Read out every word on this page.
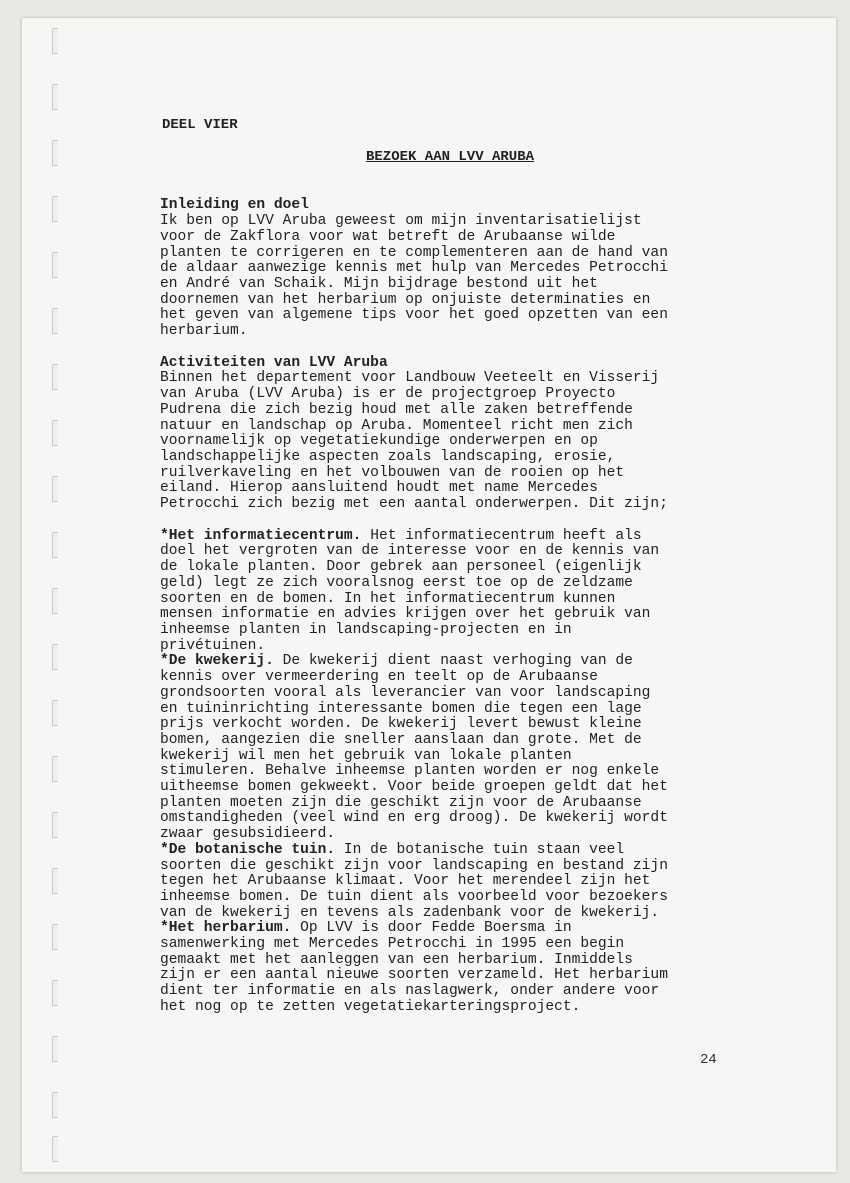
DEEL VIER

BEZOEK AAN LVV ARUBA

Inleiding en doel

Ik ben op LVV Aruba geweest om mijn inventarisatielijst
voor de Zakflora voor wat betreft de Arubaanse wilde
planten te corrigeren en te complementeren aan de hand van
de aldaar aanwezige kennis met hulp van Mercedes Petrocchi
en André van Schaik. Mijn bijdrage bestond uit het
doornemen van het herbarium op onjuiste determinaties en
het geven van algemene tips voor het goed opzetten van een
herbarium.

Activiteiten van LVV Aruba

Binnen het departement voor Landbouw Veeteelt en Visserij
van Aruba (LVV Aruba) is er de projectgroep Proyecto
Pudrena die zich bezig houd met alle zaken betreffende
natuur en landschap op Aruba. Momenteel richt men zich
voornamelijk op vegetatiekundige onderwerpen en op
landschappelijke aspecten zoals landscaping, erosie,
ruilverkaveling en het volbouwen van de rooien op het
eiland. Hierop aansluitend houdt met name Mercedes
Petrocchi zich bezig met een aantal onderwerpen. Dit zijn;

*Het informatiecentrum. Het informatiecentrum heeft als
doel het vergroten van de interesse voor en de kennis van
de lokale planten. Door gebrek aan personeel (eigenlijk
geld) legt ze zich vooralsnog eerst toe op de zeldzame
soorten en de bomen. In het informatiecentrum kunnen
mensen informatie en advies krijgen over het gebruik van
inheemse planten in landscaping-projecten en in
privétuinen.

*De kwekerij. De kwekerij dient naast verhoging van de
kennis over vermeerdering en teelt op de Arubaanse
grondsoorten vooral als leverancier van voor landscaping
en tuininrichting interessante bomen die tegen een lage
prijs verkocht worden. De kwekerij levert bewust kleine
bomen, aangezien die sneller aanslaan dan grote. Met de
kwekerij wil men het gebruik van lokale planten
stimuleren. Behalve inheemse planten worden er nog enkele
uitheemse bomen gekweekt. Voor beide groepen geldt dat het
planten moeten zijn die geschikt zijn voor de Arubaanse
omstandigheden (veel wind en erg droog). De kwekerij wordt
zwaar gesubsidieerd.

*De botanische tuin. In de botanische tuin staan veel
soorten die geschikt zijn voor landscaping en bestand zijn
tegen het Arubaanse klimaat. Voor het merendeel zijn het
inheemse bomen. De tuin dient als voorbeeld voor bezoekers
van de kwekerij en tevens als zadenbank voor de kwekerij.

*Het herbarium. Op LVV is door Fedde Boersma in
samenwerking met Mercedes Petrocchi in 1995 een begin
gemaakt met het aanleggen van een herbarium. Inmiddels
zijn er een aantal nieuwe soorten verzameld. Het herbarium
dient ter informatie en als naslagwerk, onder andere voor
het nog op te zetten vegetatiekarteringsproject.

24
